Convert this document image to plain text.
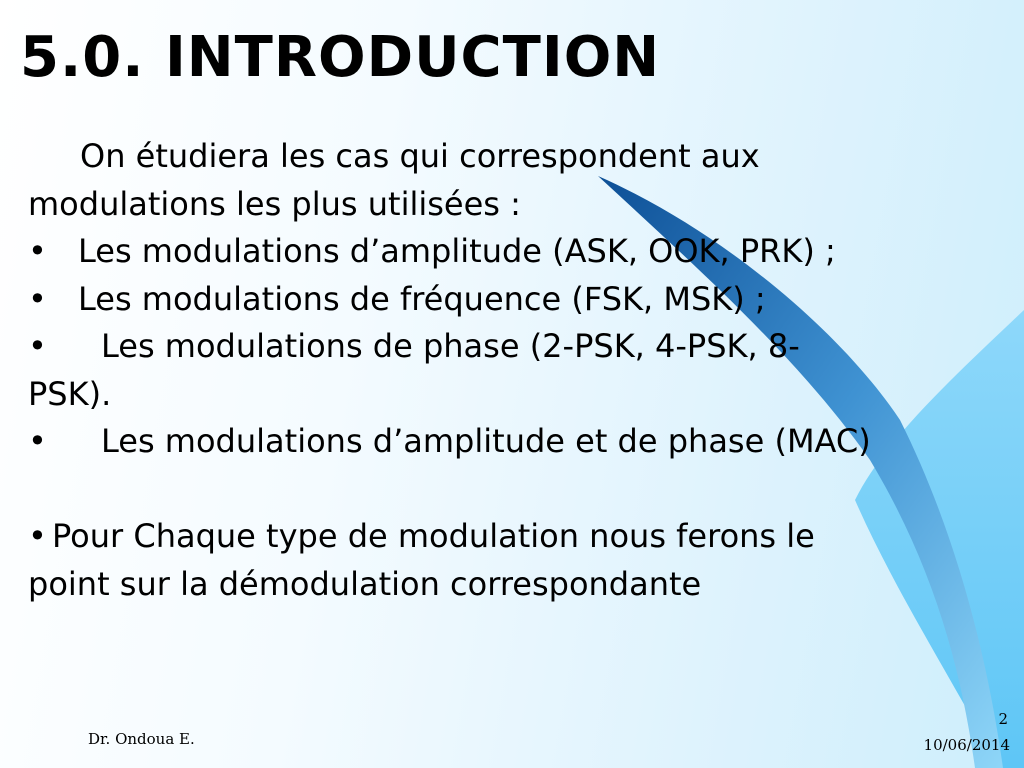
5.0. INTRODUCTION
On étudiera les cas qui correspondent aux
modulations les plus utilisées :
• Les modulations d’amplitude (ASK, OOK, PRK) ;
• Les modulations de fréquence (FSK, MSK) ;
• Les modulations de phase (2-PSK, 4-PSK, 8-
PSK).
• Les modulations d’amplitude et de phase (MAC)
• Pour Chaque type de modulation nous ferons le
point sur la démodulation correspondante
Dr. Ondoua E.
2
10/06/2014
